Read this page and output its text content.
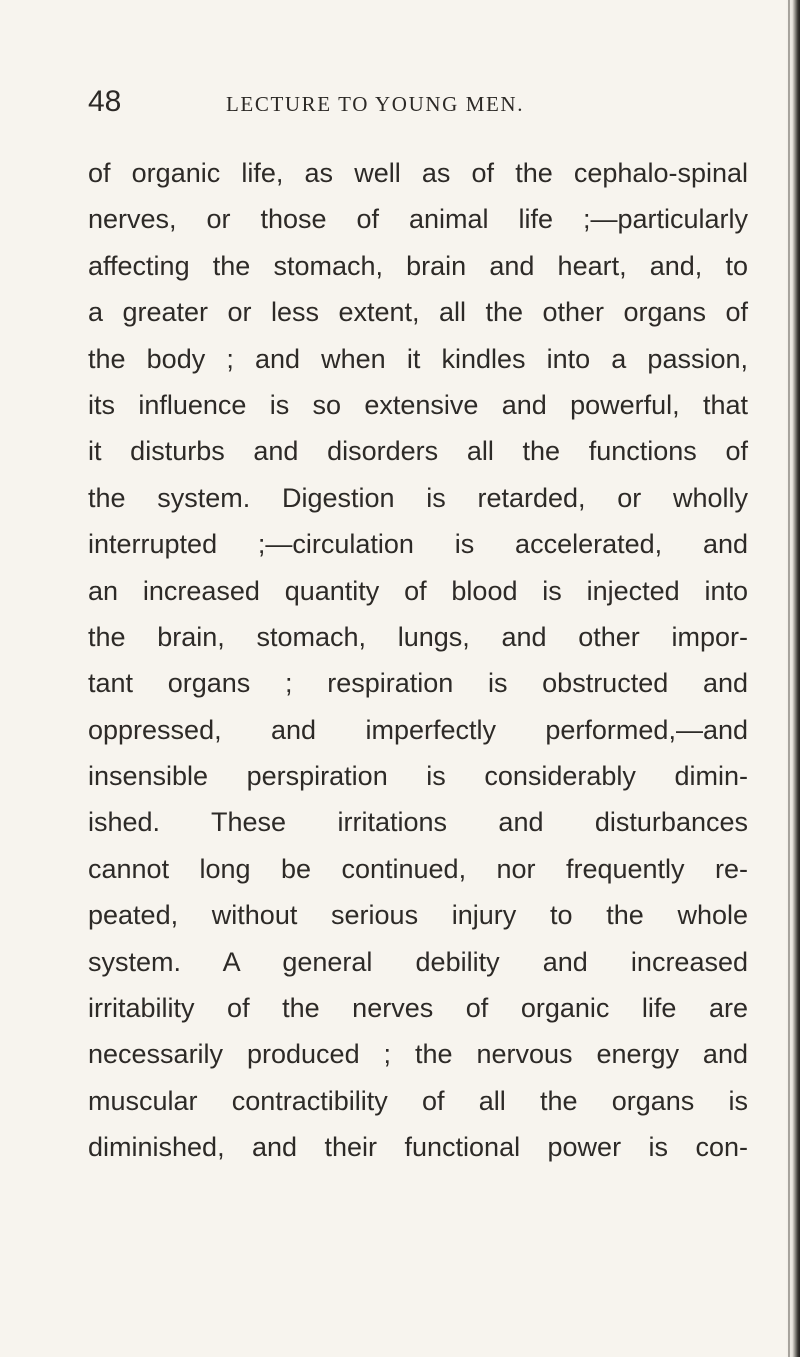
48	LECTURE TO YOUNG MEN.
of organic life, as well as of the cephalo-spinal
nerves, or those of animal life ;—particularly
affecting the stomach, brain and heart, and, to
a greater or less extent, all the other organs of
the body ; and when it kindles into a passion,
its influence is so extensive and powerful, that
it disturbs and disorders all the functions of
the system. Digestion is retarded, or wholly
interrupted ;—circulation is accelerated, and
an increased quantity of blood is injected into
the brain, stomach, lungs, and other impor-
tant organs ; respiration is obstructed and
oppressed, and imperfectly performed,—and
insensible perspiration is considerably dimin-
ished. These irritations and disturbances
cannot long be continued, nor frequently re-
peated, without serious injury to the whole
system. A general debility and increased
irritability of the nerves of organic life are
necessarily produced ; the nervous energy and
muscular contractibility of all the organs is
diminished, and their functional power is con-
